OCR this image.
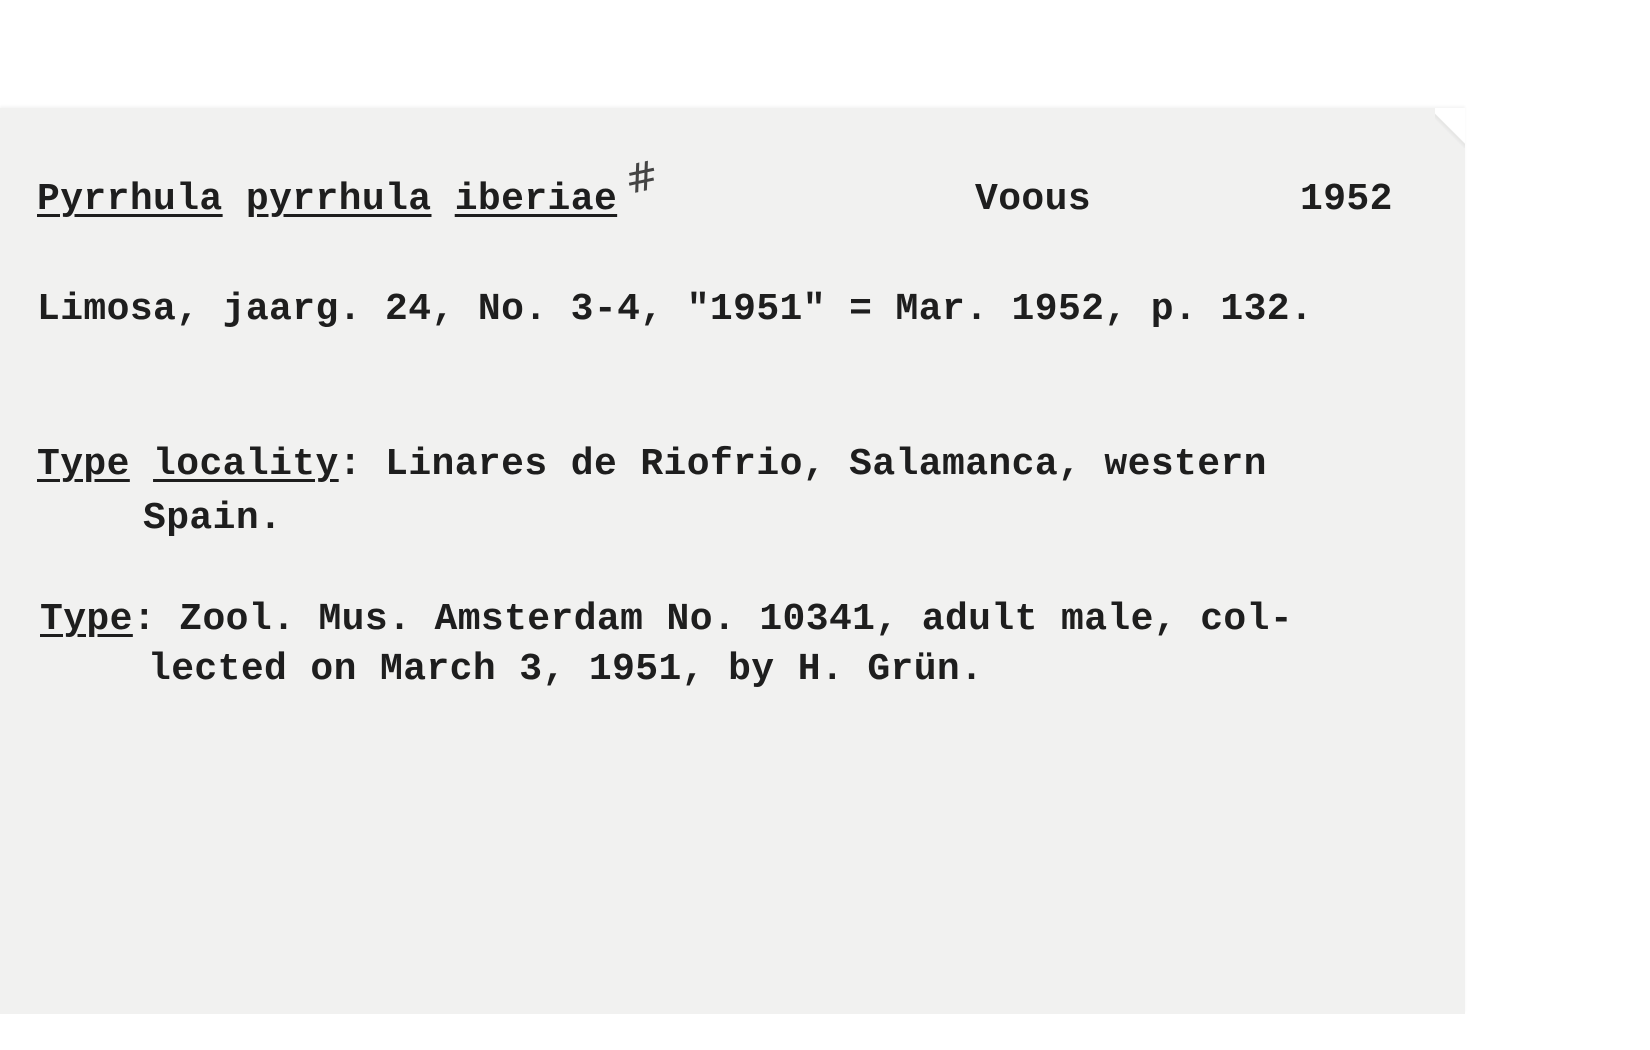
#
Pyrrhula pyrrhula iberiae	Voous	1952
Limosa, jaarg. 24, No. 3-4, "1951" = Mar. 1952, p. 132.
Type locality: Linares de Riofrio, Salamanca, western
Spain.
Type: Zool. Mus. Amsterdam No. 10341, adult male, col-
lected on March 3, 1951, by H. Grün.
